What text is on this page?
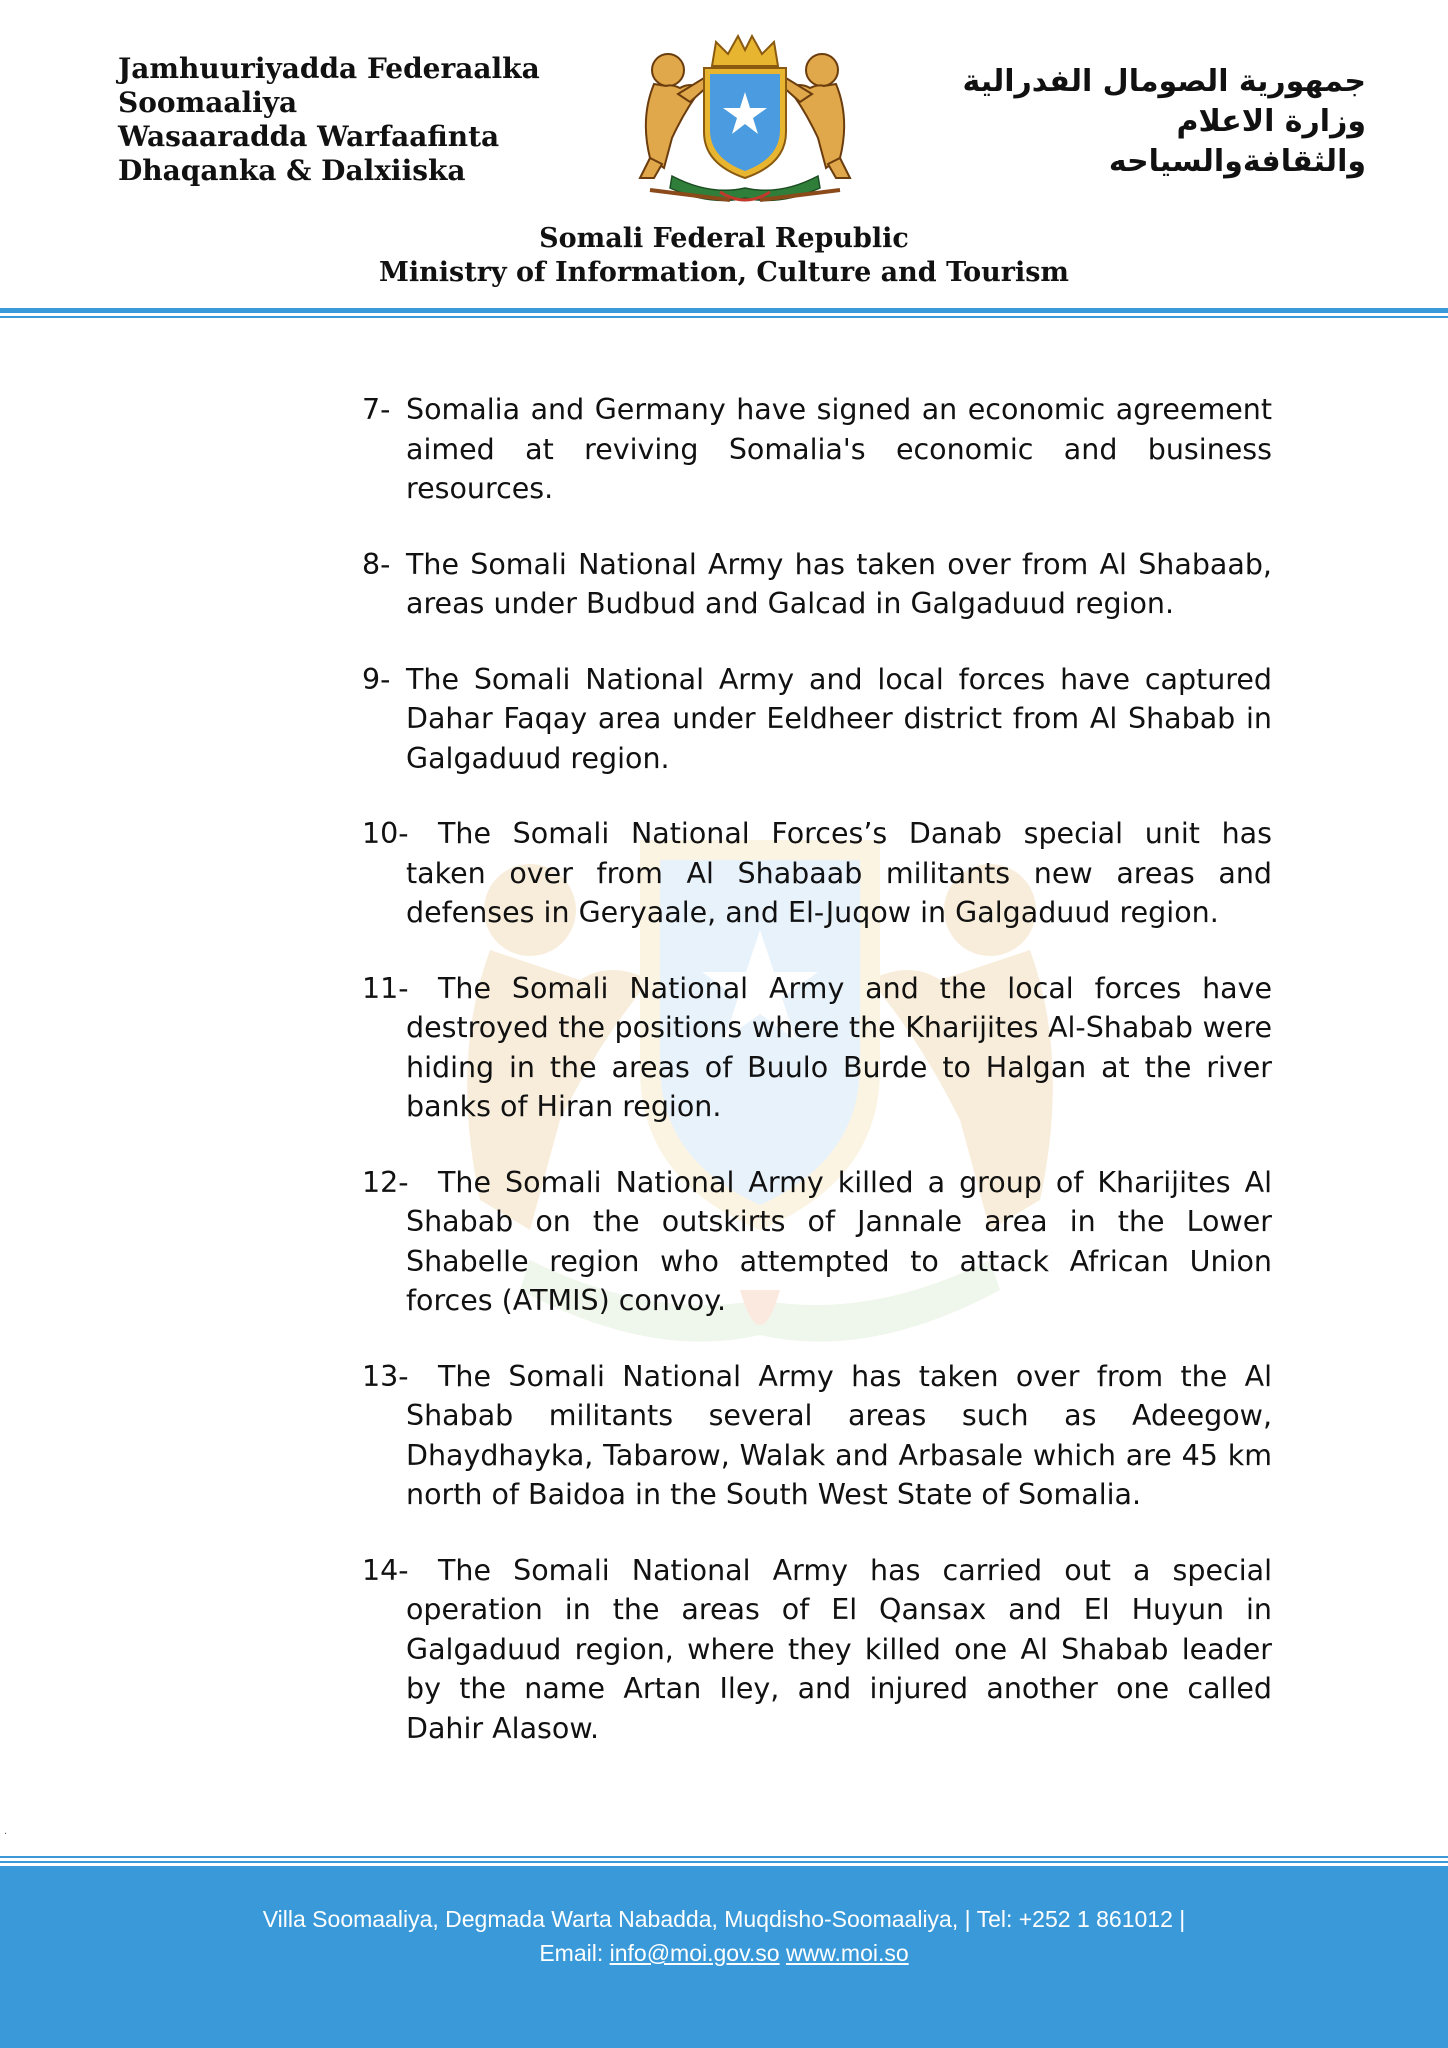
Jamhuuriyadda Federaalka
Soomaaliya
Wasaaradda Warfaafinta
Dhaqanka & Dalxiiska
جمهورية الصومال الفدرالية
وزارة الاعلام
والثقافةوالسياحه
Somali Federal Republic
Ministry of Information, Culture and Tourism
7- Somalia and Germany have signed an economic agreement aimed at reviving Somalia's economic and business resources.
8- The Somali National Army has taken over from Al Shabaab, areas under Budbud and Galcad in Galgaduud region.
9- The Somali National Army and local forces have captured Dahar Faqay area under Eeldheer district from Al Shabab in Galgaduud region.
10-	The Somali National Forces’s Danab special unit has taken over from Al Shabaab militants new areas and defenses in Geryaale, and El-Juqow in Galgaduud region.
11-	The Somali National Army and the local forces have destroyed the positions where the Kharijites Al-Shabab were hiding in the areas of Buulo Burde to Halgan at the river banks of Hiran region.
12-	The Somali National Army killed a group of Kharijites Al Shabab on the outskirts of Jannale area in the Lower Shabelle region who attempted to attack African Union forces (ATMIS) convoy.
13-	The Somali National Army has taken over from the Al Shabab militants several areas such as Adeegow, Dhaydhayka, Tabarow, Walak and Arbasale which are 45 km north of Baidoa in the South West State of Somalia.
14-	The Somali National Army has carried out a special operation in the areas of El Qansax and El Huyun in Galgaduud region, where they killed one Al Shabab leader by the name Artan Iley, and injured another one called Dahir Alasow.
.
Villa Soomaaliya, Degmada Warta Nabadda, Muqdisho-Soomaaliya, | Tel: +252 1 861012 |
Email: info@moi.gov.so www.moi.so
